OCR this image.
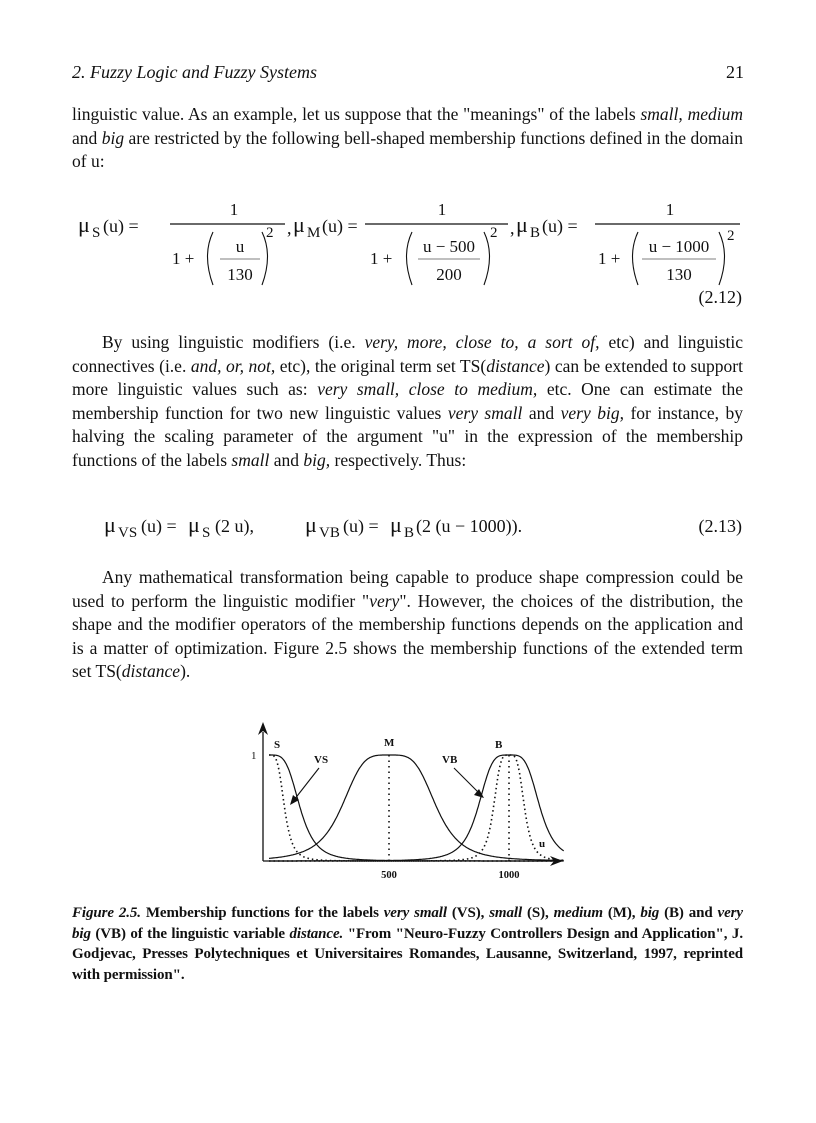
2. Fuzzy Logic and Fuzzy Systems	21

linguistic value. As an example, let us suppose that the "meanings" of the labels small, medium and big are restricted by the following bell-shaped membership functions defined in the domain of u:

μ S (u) =
1
1 +
u
130
2 , μ M (u) =
1
1 +
u − 500
200
2 , μ B (u) =
1
1 +
u − 1000
130
2
(2.12)

By using linguistic modifiers (i.e. very, more, close to, a sort of, etc) and linguistic connectives (i.e. and, or, not, etc), the original term set TS(distance) can be extended to support more linguistic values such as: very small, close to medium, etc. One can estimate the membership function for two new linguistic values very small and very big, for instance, by halving the scaling parameter of the argument "u" in the expression of the membership functions of the labels small and big, respectively. Thus:

μ VS (u) = μ S (2 u), μ VB (u) = μ B (2 (u − 1000)).	(2.13)

Any mathematical transformation being capable to produce shape compression could be used to perform the linguistic modifier "very". However, the choices of the distribution, the shape and the modifier operators of the membership functions depends on the application and is a matter of optimization. Figure 2.5 shows the membership functions of the extended term set TS(distance).

1
500	1000
u
S
VS
M	B
VB

Figure 2.5. Membership functions for the labels very small (VS), small (S), medium (M), big (B) and very big (VB) of the linguistic variable distance. "From "Neuro-Fuzzy Controllers Design and Application", J. Godjevac, Presses Polytechniques et Universitaires Romandes, Lausanne, Switzerland, 1997, reprinted with permission".
